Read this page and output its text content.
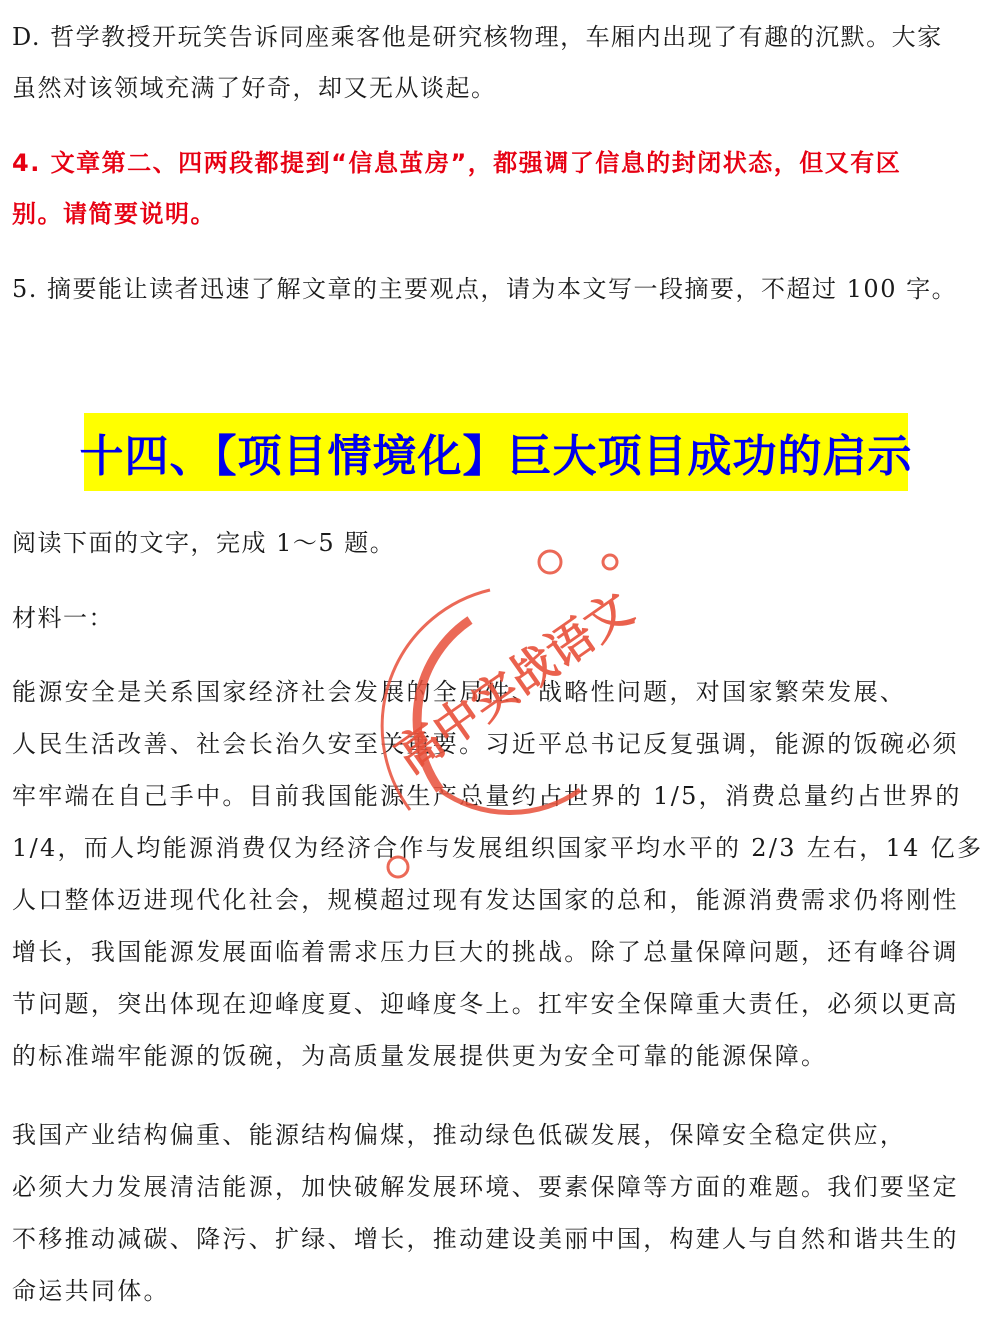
D. 哲学教授开玩笑告诉同座乘客他是研究核物理，车厢内出现了有趣的沉默。大家
虽然对该领域充满了好奇，却又无从谈起。
4. 文章第二、四两段都提到“信息茧房”，都强调了信息的封闭状态，但又有区
别。请简要说明。
5. 摘要能让读者迅速了解文章的主要观点，请为本文写一段摘要，不超过 100 字。
十四、【项目情境化】巨大项目成功的启示
阅读下面的文字，完成 1～5 题。
材料一：
能源安全是关系国家经济社会发展的全局性、战略性问题，对国家繁荣发展、
人民生活改善、社会长治久安至关重要。习近平总书记反复强调，能源的饭碗必须
牢牢端在自己手中。目前我国能源生产总量约占世界的 1/5，消费总量约占世界的
1/4，而人均能源消费仅为经济合作与发展组织国家平均水平的 2/3 左右，14 亿多
人口整体迈进现代化社会，规模超过现有发达国家的总和，能源消费需求仍将刚性
增长，我国能源发展面临着需求压力巨大的挑战。除了总量保障问题，还有峰谷调
节问题，突出体现在迎峰度夏、迎峰度冬上。扛牢安全保障重大责任，必须以更高
的标准端牢能源的饭碗，为高质量发展提供更为安全可靠的能源保障。
我国产业结构偏重、能源结构偏煤，推动绿色低碳发展，保障安全稳定供应，
必须大力发展清洁能源，加快破解发展环境、要素保障等方面的难题。我们要坚定
不移推动减碳、降污、扩绿、增长，推动建设美丽中国，构建人与自然和谐共生的
命运共同体。
高中实战语文
